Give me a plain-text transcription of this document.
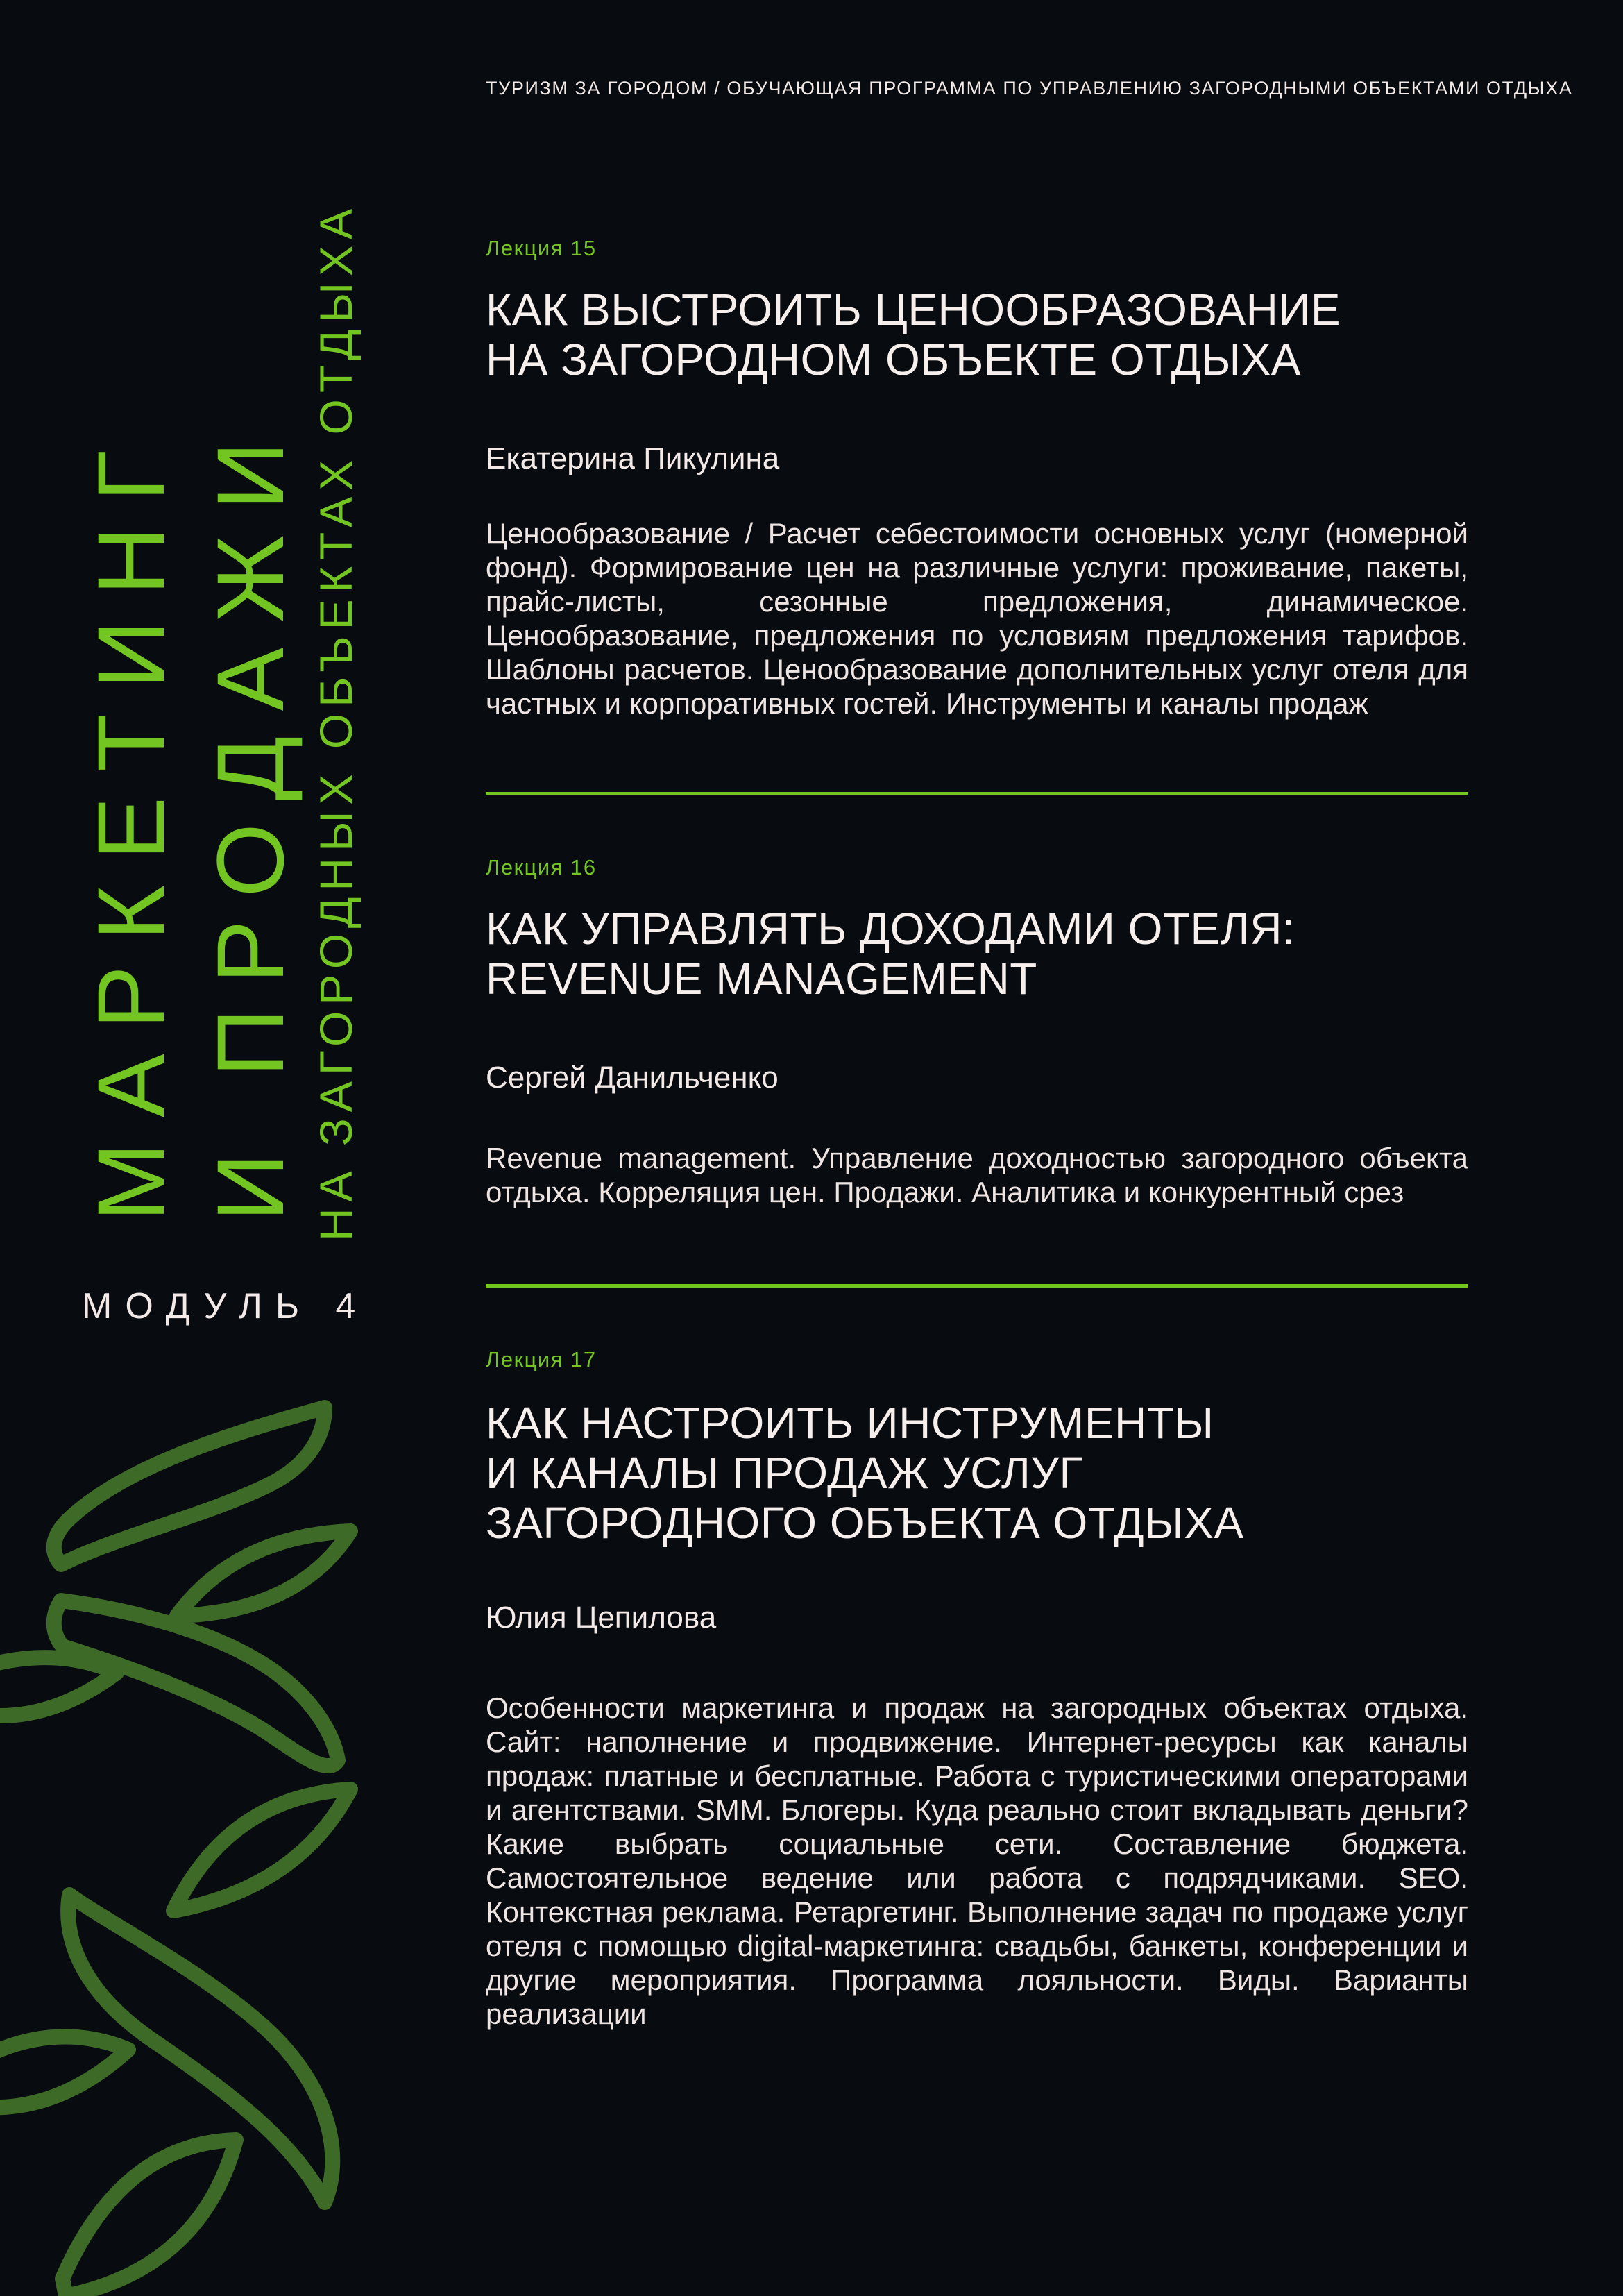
ТУРИЗМ ЗА ГОРОДОМ / ОБУЧАЮЩАЯ ПРОГРАММА ПО УПРАВЛЕНИЮ ЗАГОРОДНЫМИ ОБЪЕКТАМИ ОТДЫХА
МАРКЕТИНГ И ПРОДАЖИ НА ЗАГОРОДНЫХ ОБЪЕКТАХ ОТДЫХА
МОДУЛЬ 4
Лекция 15
КАК ВЫСТРОИТЬ ЦЕНООБРАЗОВАНИЕ
НА ЗАГОРОДНОМ ОБЪЕКТЕ ОТДЫХА
Екатерина Пикулина
Ценообразование / Расчет себестоимости основных услуг (номерной фонд). Формирование цен на различные услуги: проживание, пакеты, прайс-листы, сезонные предложения, динамическое. Ценообразование, предложения по условиям предложения тарифов. Шаблоны расчетов. Ценообразование дополнительных услуг отеля для частных и корпоративных гостей. Инструменты и каналы продаж
Лекция 16
КАК УПРАВЛЯТЬ ДОХОДАМИ ОТЕЛЯ:
REVENUE MANAGEMENT
Сергей Данильченко
Revenue management. Управление доходностью загородного объекта отдыха. Корреляция цен. Продажи. Аналитика и конкурентный срез
Лекция 17
КАК НАСТРОИТЬ ИНСТРУМЕНТЫ
И КАНАЛЫ ПРОДАЖ УСЛУГ
ЗАГОРОДНОГО ОБЪЕКТА ОТДЫХА
Юлия Цепилова
Особенности маркетинга и продаж на загородных объектах отдыха. Сайт: наполнение и продвижение. Интернет-ресурсы как каналы продаж: платные и бесплатные. Работа с туристическими операторами и агентствами. SMM. Блогеры. Куда реально стоит вкладывать деньги? Какие выбрать социальные сети. Составление бюджета. Самостоятельное ведение или работа с подрядчиками. SEO. Контекстная реклама. Ретаргетинг. Выполнение задач по продаже услуг отеля с помощью digital-маркетинга: свадьбы, банкеты, конференции и другие мероприятия. Программа лояльности. Виды. Варианты реализации
